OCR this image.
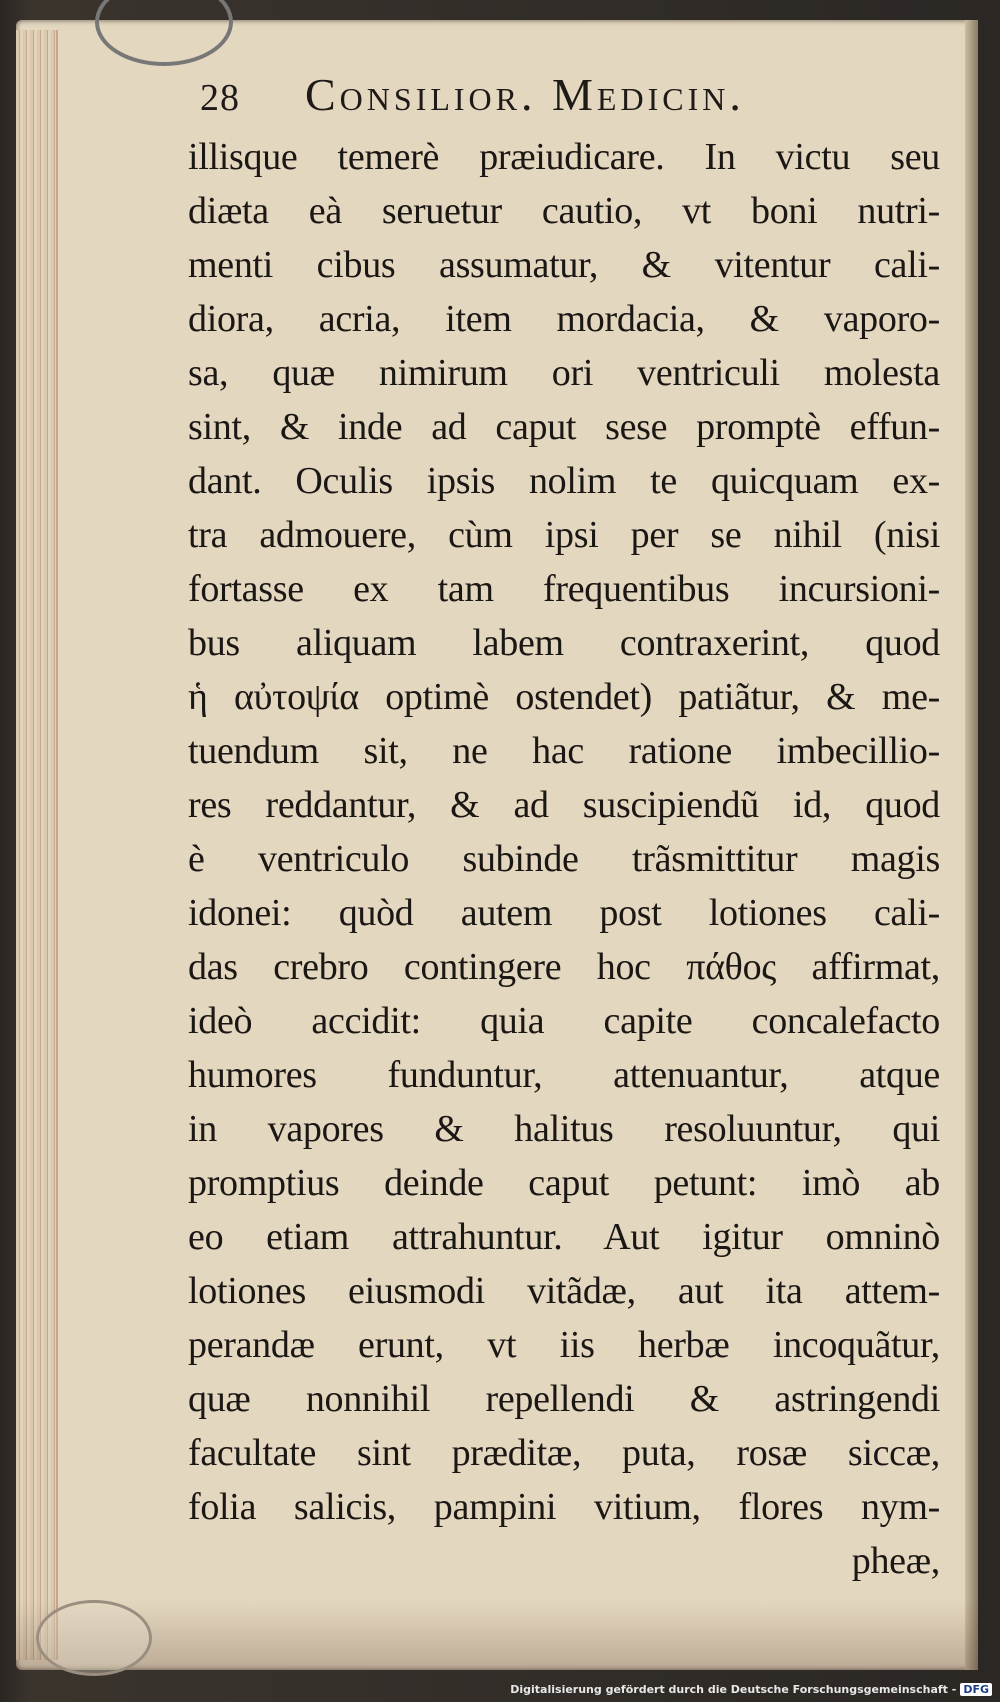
28 Consilior. Medicin.
illisque temerè præiudicare. In victu seu
diæta eà seruetur cautio, vt boni nutri-
menti cibus assumatur, & vitentur cali-
diora, acria, item mordacia, & vaporo-
sa, quæ nimirum ori ventriculi molesta
sint, & inde ad caput sese promptè effun-
dant. Oculis ipsis nolim te quicquam ex-
tra admouere, cùm ipsi per se nihil (nisi
fortasse ex tam frequentibus incursioni-
bus aliquam labem contraxerint, quod
ἡ αὐτοψία optimè ostendet) patiãtur, & me-
tuendum sit, ne hac ratione imbecillio-
res reddantur, & ad suscipiendũ id, quod
è ventriculo subinde trãsmittitur magis
idonei: quòd autem post lotiones cali-
das crebro contingere hoc πάθος affirmat,
ideò accidit: quia capite concalefacto
humores funduntur, attenuantur, atque
in vapores & halitus resoluuntur, qui
promptius deinde caput petunt: imò ab
eo etiam attrahuntur. Aut igitur omninò
lotiones eiusmodi vitãdæ, aut ita attem-
perandæ erunt, vt iis herbæ incoquãtur,
quæ nonnihil repellendi & astringendi
facultate sint præditæ, puta, rosæ siccæ,
folia salicis, pampini vitium, flores nym-
pheæ,
Digitalisierung gefördert durch die Deutsche Forschungsgemeinschaft - DFG
